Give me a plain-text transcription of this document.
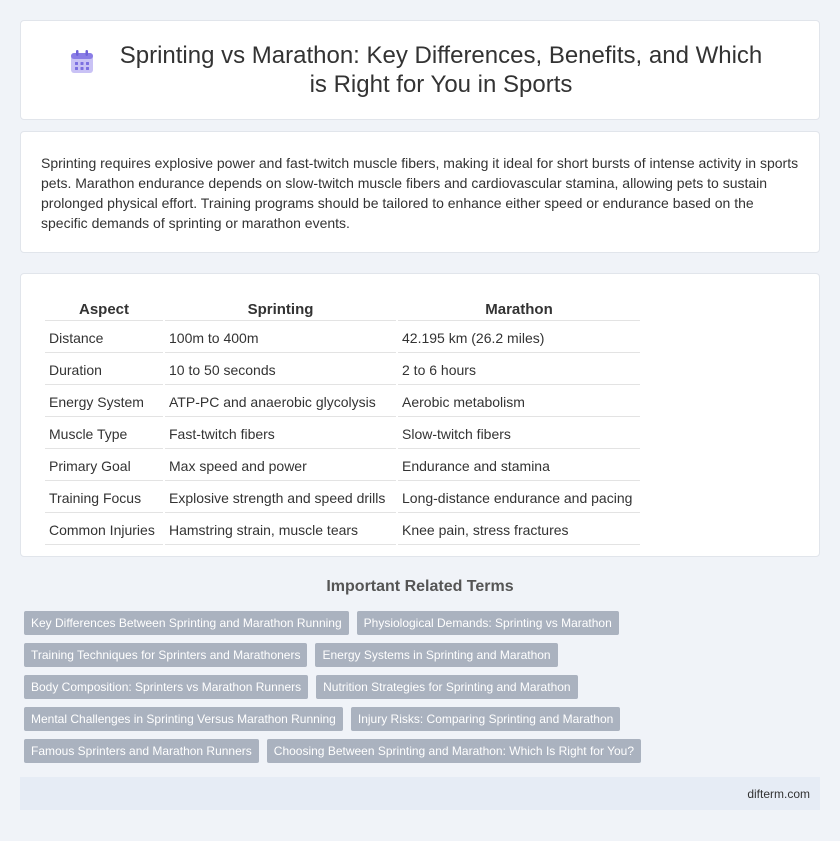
Sprinting vs Marathon: Key Differences, Benefits, and Which is Right for You in Sports

Sprinting requires explosive power and fast-twitch muscle fibers, making it ideal for short bursts of intense activity in sports pets. Marathon endurance depends on slow-twitch muscle fibers and cardiovascular stamina, allowing pets to sustain prolonged physical effort. Training programs should be tailored to enhance either speed or endurance based on the specific demands of sprinting or marathon events.

Aspect	Sprinting	Marathon
Distance	100m to 400m	42.195 km (26.2 miles)
Duration	10 to 50 seconds	2 to 6 hours
Energy System	ATP-PC and anaerobic glycolysis	Aerobic metabolism
Muscle Type	Fast-twitch fibers	Slow-twitch fibers
Primary Goal	Max speed and power	Endurance and stamina
Training Focus	Explosive strength and speed drills	Long-distance endurance and pacing
Common Injuries	Hamstring strain, muscle tears	Knee pain, stress fractures
Important Related Terms
Key Differences Between Sprinting and Marathon Running	Physiological Demands: Sprinting vs Marathon
Training Techniques for Sprinters and Marathoners	Energy Systems in Sprinting and Marathon
Body Composition: Sprinters vs Marathon Runners	Nutrition Strategies for Sprinting and Marathon
Mental Challenges in Sprinting Versus Marathon Running	Injury Risks: Comparing Sprinting and Marathon
Famous Sprinters and Marathon Runners	Choosing Between Sprinting and Marathon: Which Is Right for You?
difterm.com
